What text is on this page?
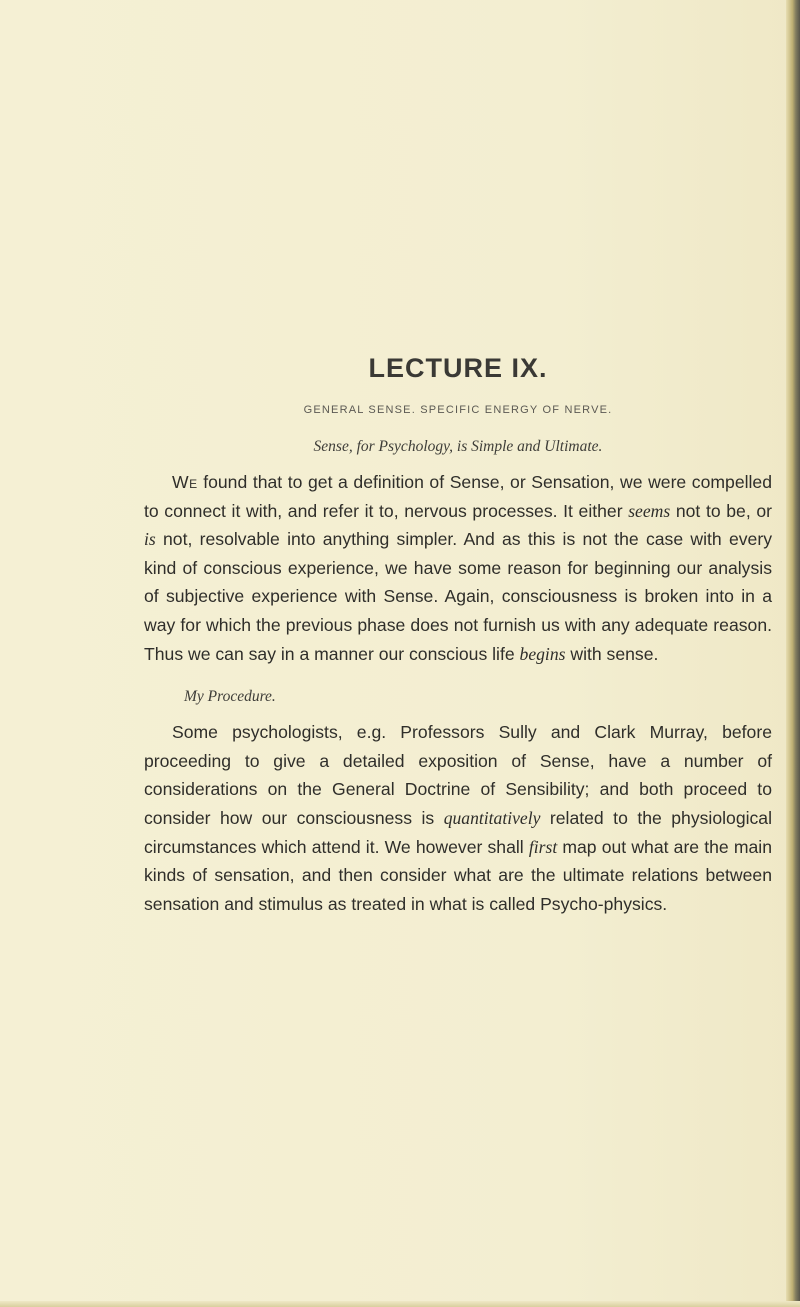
LECTURE IX.
GENERAL SENSE. SPECIFIC ENERGY OF NERVE.
Sense, for Psychology, is Simple and Ultimate.

We found that to get a definition of Sense, or Sensation, we were compelled to connect it with, and refer it to, nervous processes. It either seems not to be, or is not, resolvable into anything simpler. And as this is not the case with every kind of conscious experience, we have some reason for beginning our analysis of subjective experience with Sense. Again, consciousness is broken into in a way for which the previous phase does not furnish us with any adequate reason. Thus we can say in a manner our conscious life begins with sense.

My Procedure.

Some psychologists, e.g. Professors Sully and Clark Murray, before proceeding to give a detailed exposition of Sense, have a number of considerations on the General Doctrine of Sensibility; and both proceed to consider how our consciousness is quantitatively related to the physiological circumstances which attend it. We however shall first map out what are the main kinds of sensation, and then consider what are the ultimate relations between sensation and stimulus as treated in what is called Psycho-physics.
